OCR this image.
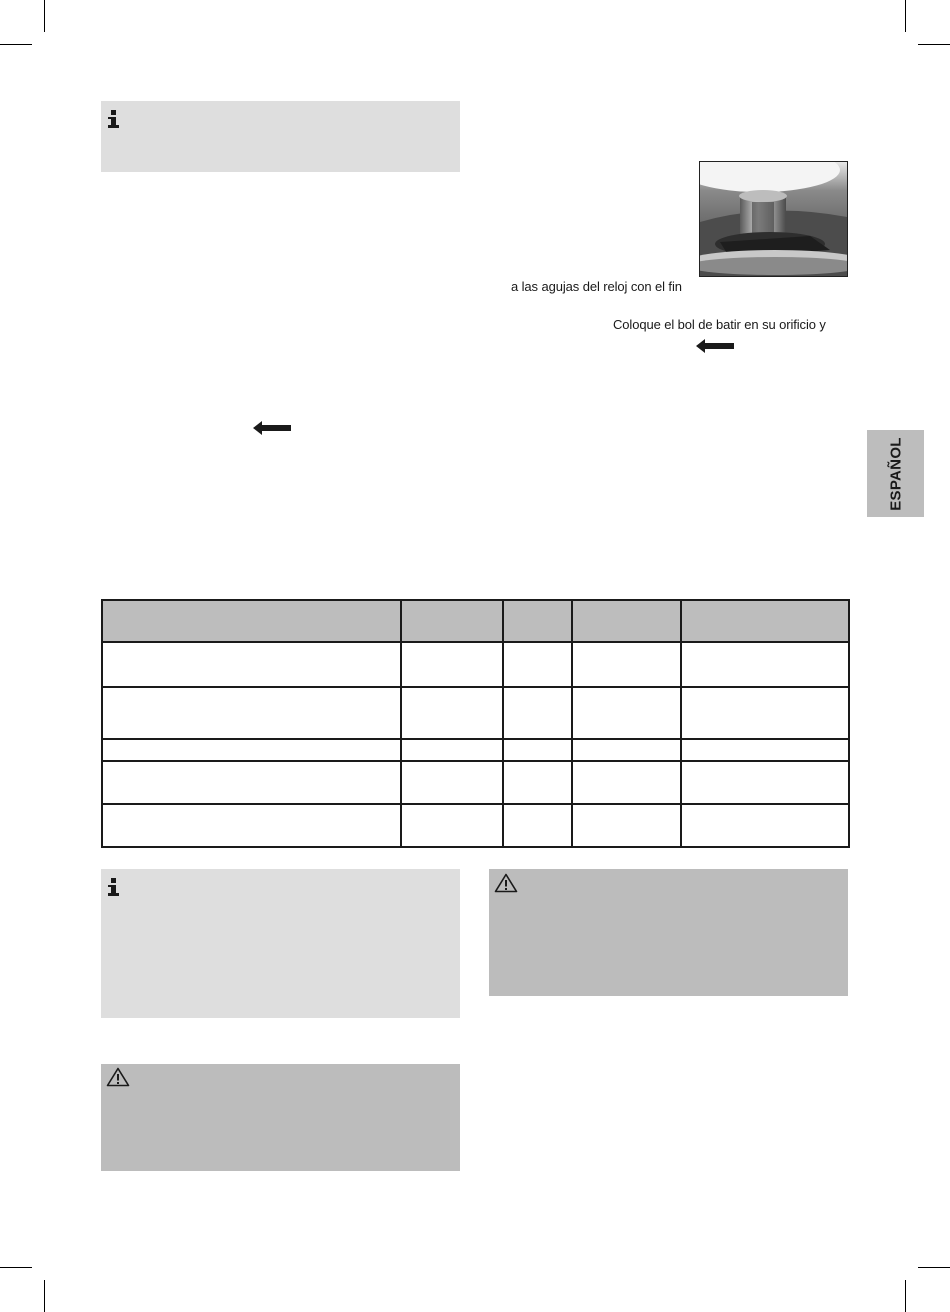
a las agujas del reloj con el fin
Coloque el bol de batir en su orificio y
ESPAÑOL
